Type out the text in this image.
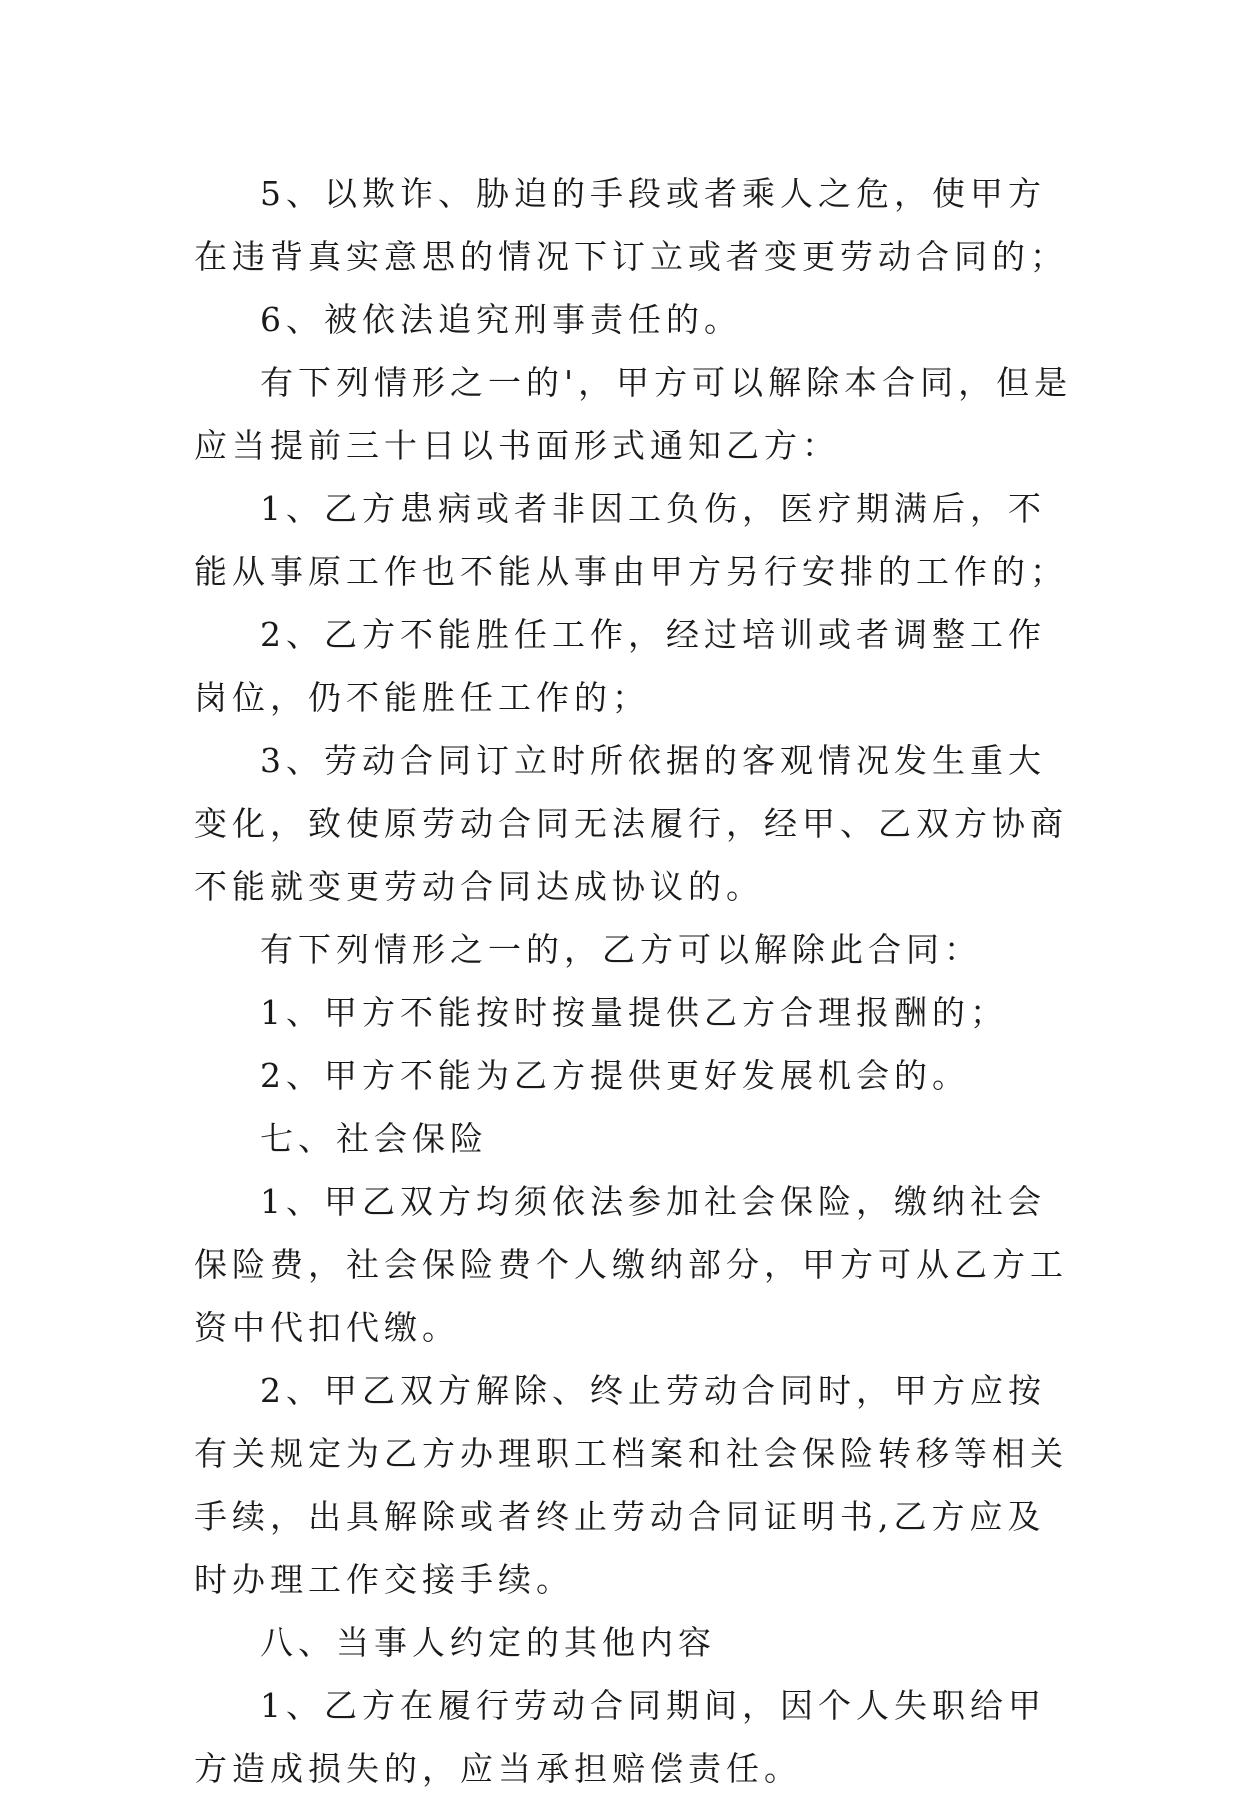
5、以欺诈、胁迫的手段或者乘人之危，使甲方在违背真实意思的情况下订立或者变更劳动合同的；

6、被依法追究刑事责任的。

有下列情形之一的'，甲方可以解除本合同，但是应当提前三十日以书面形式通知乙方：

1、乙方患病或者非因工负伤，医疗期满后，不能从事原工作也不能从事由甲方另行安排的工作的；

2、乙方不能胜任工作，经过培训或者调整工作岗位，仍不能胜任工作的；

3、劳动合同订立时所依据的客观情况发生重大变化，致使原劳动合同无法履行，经甲、乙双方协商不能就变更劳动合同达成协议的。

有下列情形之一的，乙方可以解除此合同：

1、甲方不能按时按量提供乙方合理报酬的；

2、甲方不能为乙方提供更好发展机会的。

七、社会保险

1、甲乙双方均须依法参加社会保险，缴纳社会保险费，社会保险费个人缴纳部分，甲方可从乙方工资中代扣代缴。

2、甲乙双方解除、终止劳动合同时，甲方应按有关规定为乙方办理职工档案和社会保险转移等相关手续，出具解除或者终止劳动合同证明书,乙方应及时办理工作交接手续。

八、当事人约定的其他内容

1、乙方在履行劳动合同期间，因个人失职给甲方造成损失的，应当承担赔偿责任。
